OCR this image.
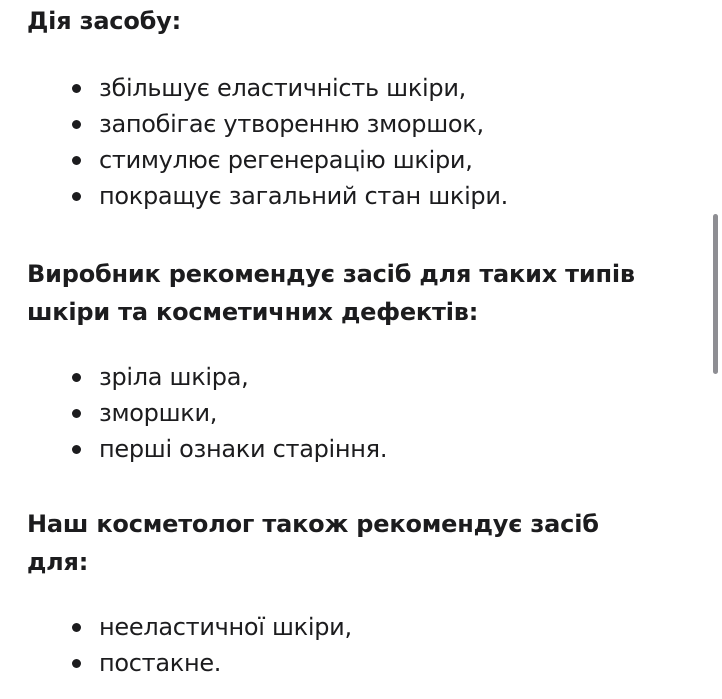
Дія засобу:
збільшує еластичність шкіри,
запобігає утворенню зморшок,
стимулює регенерацію шкіри,
покращує загальний стан шкіри.
Виробник рекомендує засіб для таких типів шкіри та косметичних дефектів:
зріла шкіра,
зморшки,
перші ознаки старіння.
Наш косметолог також рекомендує засіб для:
нееластичної шкіри,
постакне.
